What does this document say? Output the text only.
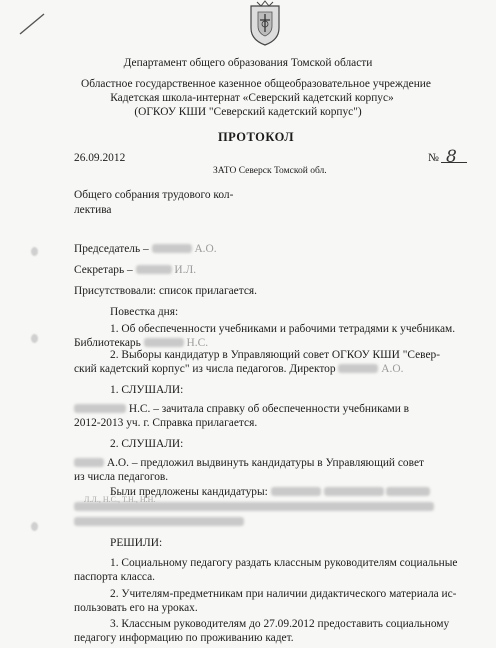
Департамент общего образования Томской области
Областное государственное казенное общеобразовательное учреждение
Кадетская школа-интернат «Северский кадетский корпус»
(ОГКОУ КШИ "Северский кадетский корпус")
ПРОТОКОЛ
26.09.2012	№ 8
ЗАТО Северск Томской обл.
Общего собрания трудового кол-
лектива
Председатель –	А.О.
Секретарь –	И.Л.
Присутствовали: список прилагается.
Повестка дня:
1. Об обеспеченности учебниками и рабочими тетрадями к учебникам.
Библиотекарь	Н.С.
2. Выборы кандидатур в Управляющий совет ОГКОУ КШИ "Север-
ский кадетский корпус" из числа педагогов. Директор	А.О.
1. СЛУШАЛИ:
Н.С. – зачитала справку об обеспеченности учебниками в
2012-2013 уч. г. Справка прилагается.
2. СЛУШАЛИ:
А.О. – предложил выдвинуть кандидатуры в Управляющий совет
из числа педагогов.
Были предложены кандидатуры:
Л.Л., Н.С., Т.Н., Н.Н.
РЕШИЛИ:
1. Социальному педагогу раздать классным руководителям социальные
паспорта класса.
2. Учителям-предметникам при наличии дидактического материала ис-
пользовать его на уроках.
3. Классным руководителям до 27.09.2012 предоставить социальному
педагогу информацию по проживанию кадет.
